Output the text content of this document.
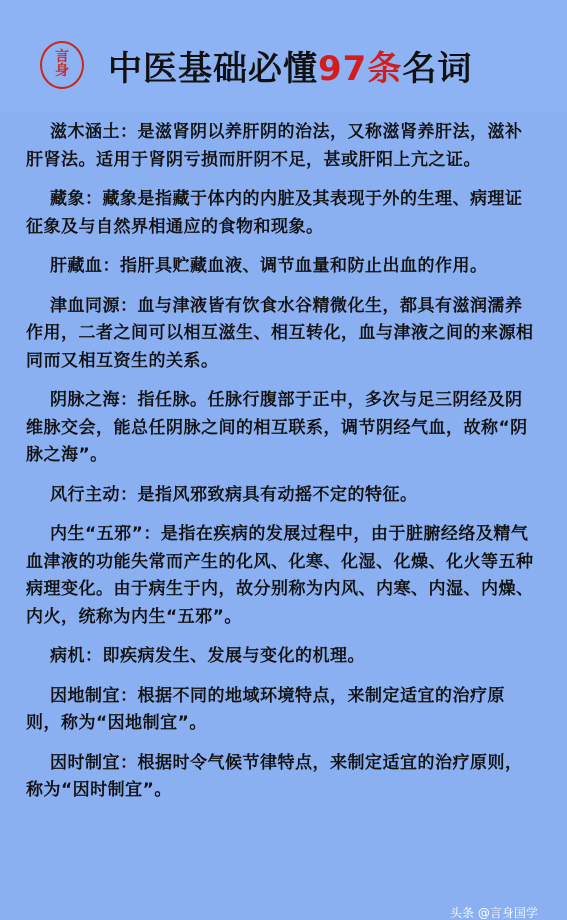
言
身	中医基础必懂97条名词

滋木涵土：是滋肾阴以养肝阴的治法，又称滋肾养肝法，滋补肝肾法。适用于肾阴亏损而肝阴不足，甚或肝阳上亢之证。

藏象：藏象是指藏于体内的内脏及其表现于外的生理、病理证征象及与自然界相通应的食物和现象。

肝藏血：指肝具贮藏血液、调节血量和防止出血的作用。

津血同源：血与津液皆有饮食水谷精微化生，都具有滋润濡养作用，二者之间可以相互滋生、相互转化，血与津液之间的来源相同而又相互资生的关系。

阴脉之海：指任脉。任脉行腹部于正中，多次与足三阴经及阴维脉交会，能总任阴脉之间的相互联系，调节阴经气血，故称“阴脉之海”。

风行主动：是指风邪致病具有动摇不定的特征。

内生“五邪”：是指在疾病的发展过程中，由于脏腑经络及精气血津液的功能失常而产生的化风、化寒、化湿、化燥、化火等五种病理变化。由于病生于内，故分别称为内风、内寒、内湿、内燥、内火，统称为内生“五邪”。

病机：即疾病发生、发展与变化的机理。

因地制宜：根据不同的地域环境特点，来制定适宜的治疗原则，称为“因地制宜”。

因时制宜：根据时令气候节律特点，来制定适宜的治疗原则，称为“因时制宜”。

头条 @言身国学
